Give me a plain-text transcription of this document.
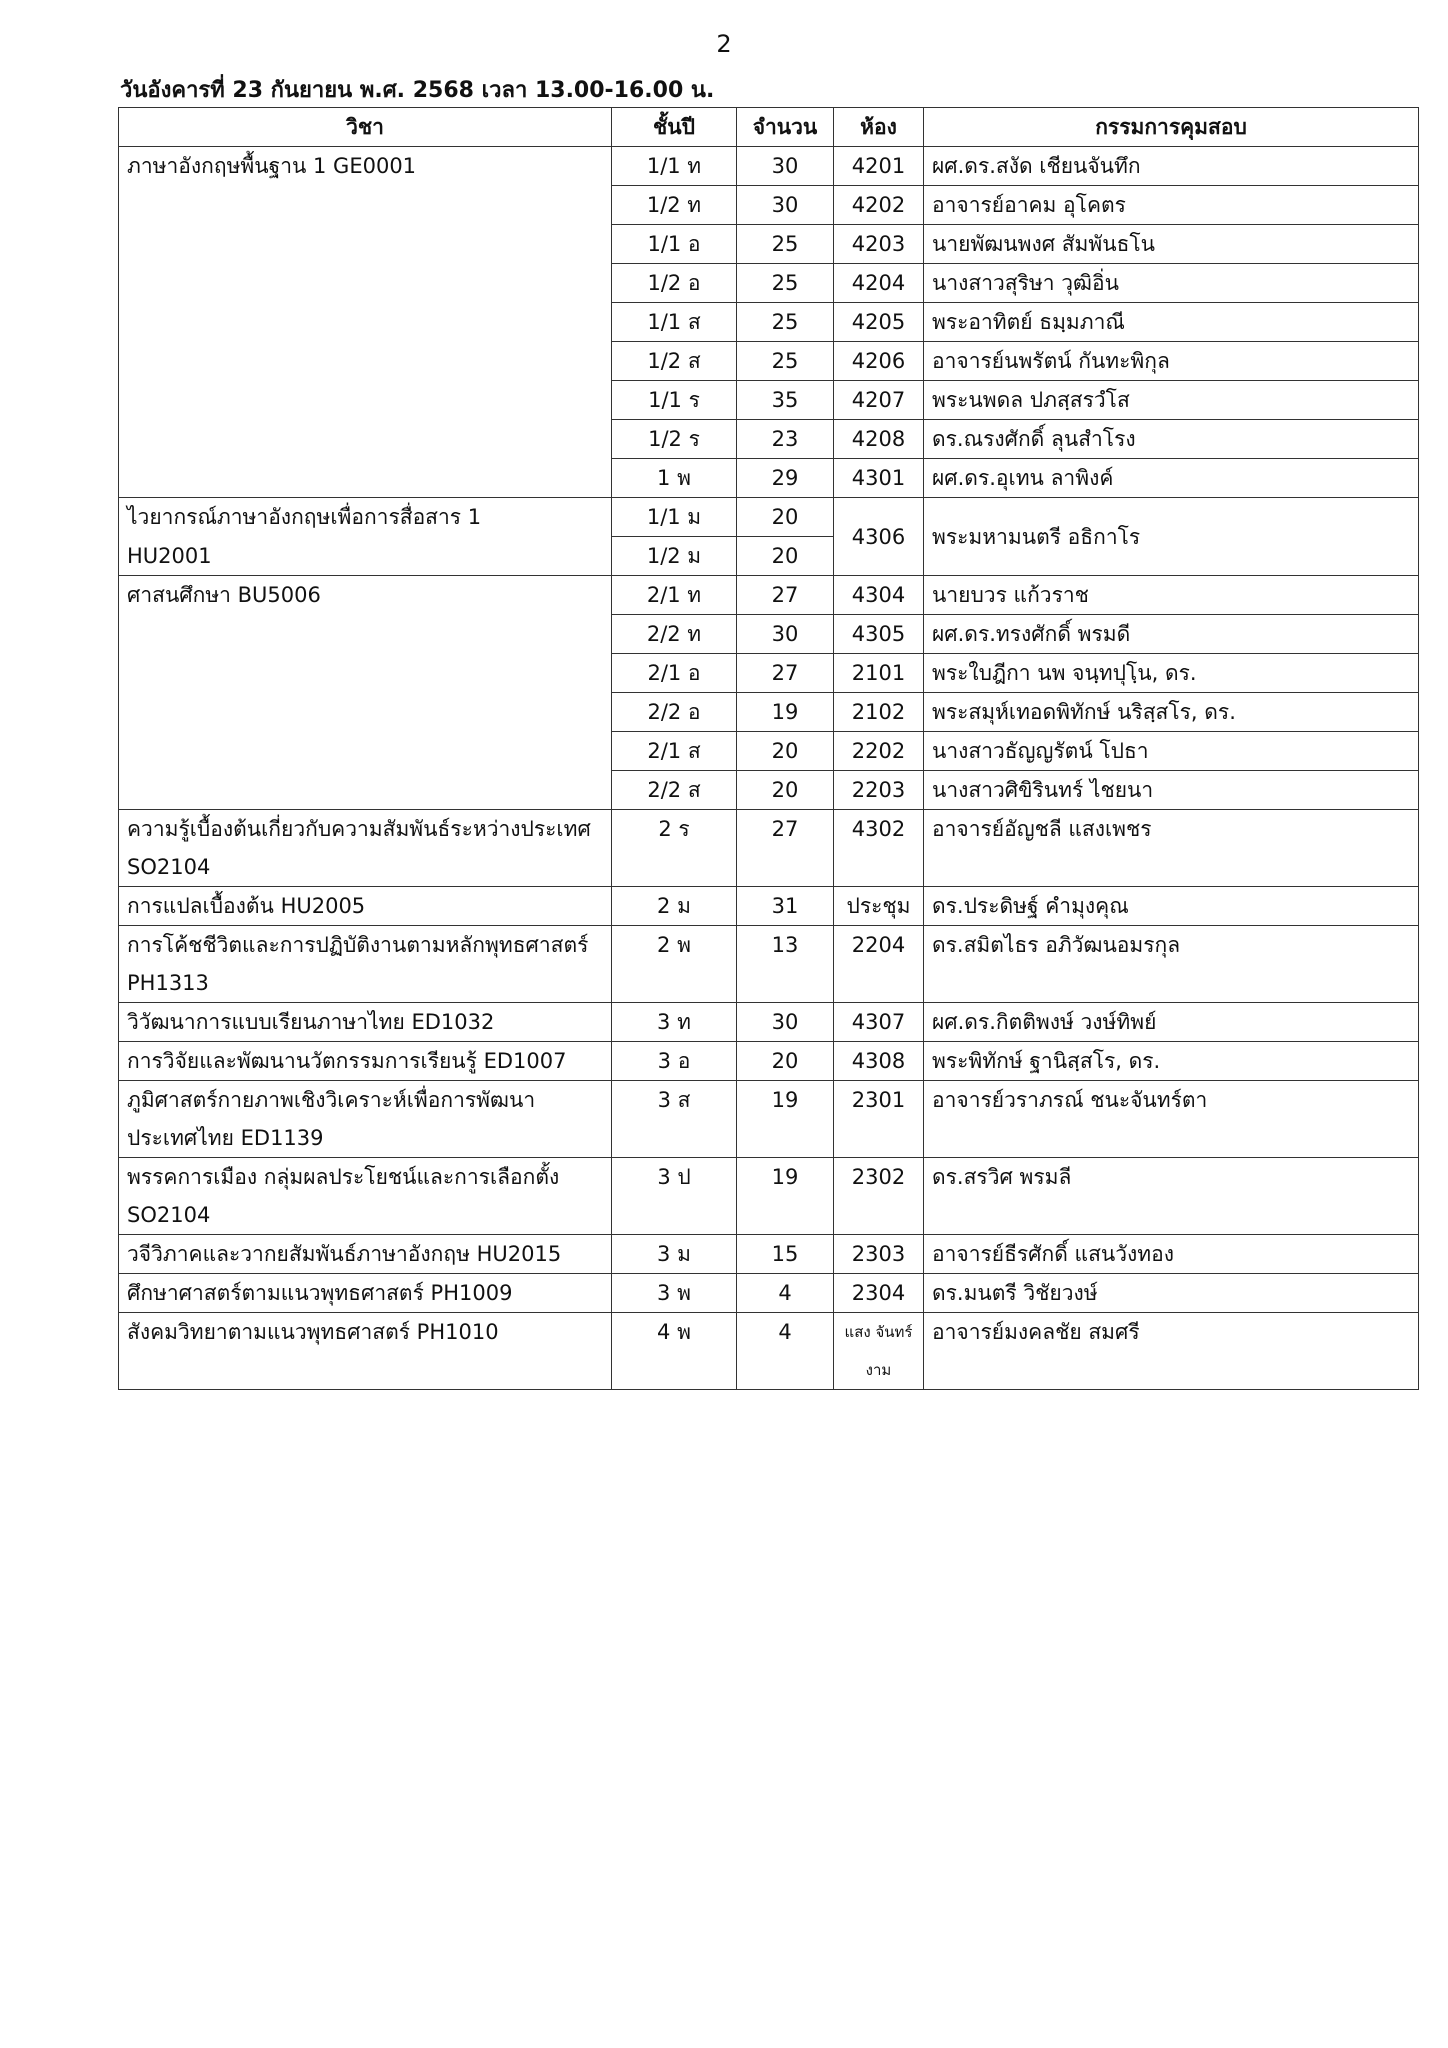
2
วันอังคารที่ 23 กันยายน พ.ศ. 2568 เวลา 13.00-16.00 น.
วิชา	ชั้นปี	จำนวน	ห้อง	กรรมการคุมสอบ
ภาษาอังกฤษพื้นฐาน 1 GE0001	1/1 ท	30	4201	ผศ.ดร.สงัด เชียนจันทึก
	1/2 ท	30	4202	อาจารย์อาคม อุโคตร
	1/1 อ	25	4203	นายพัฒนพงศ สัมพันธโน
	1/2 อ	25	4204	นางสาวสุริษา วุฒิอิ่น
	1/1 ส	25	4205	พระอาทิตย์ ธมฺมภาณี
	1/2 ส	25	4206	อาจารย์นพรัตน์ กันทะพิกุล
	1/1 ร	35	4207	พระนพดล ปภสฺสรวํโส
	1/2 ร	23	4208	ดร.ณรงศักดิ์ ลุนสำโรง
	1 พ	29	4301	ผศ.ดร.อุเทน ลาพิงค์
ไวยากรณ์ภาษาอังกฤษเพื่อการสื่อสาร 1	1/1 ม	20	4306	พระมหามนตรี อธิกาโร
HU2001	1/2 ม	20		
ศาสนศึกษา BU5006	2/1 ท	27	4304	นายบวร แก้วราช
	2/2 ท	30	4305	ผศ.ดร.ทรงศักดิ์ พรมดี
	2/1 อ	27	2101	พระใบฎีกา นพ จนฺทปุโฺน, ดร.
	2/2 อ	19	2102	พระสมุห์เทอดพิทักษ์ นริสฺสโร, ดร.
	2/1 ส	20	2202	นางสาวธัญญรัตน์ โปธา
	2/2 ส	20	2203	นางสาวศิขิรินทร์ ไชยนา
ความรู้เบื้องต้นเกี่ยวกับความสัมพันธ์ระหว่างประเทศ SO2104	2 ร	27	4302	อาจารย์อัญชลี แสงเพชร
การแปลเบื้องต้น HU2005	2 ม	31	ประชุม	ดร.ประดิษฐ์ คำมุงคุณ
การโค้ชชีวิตและการปฏิบัติงานตามหลักพุทธศาสตร์ PH1313	2 พ	13	2204	ดร.สมิตไธร อภิวัฒนอมรกุล
วิวัฒนาการแบบเรียนภาษาไทย ED1032	3 ท	30	4307	ผศ.ดร.กิตติพงษ์ วงษ์ทิพย์
การวิจัยและพัฒนานวัตกรรมการเรียนรู้ ED1007	3 อ	20	4308	พระพิทักษ์ ฐานิสฺสโร, ดร.
ภูมิศาสตร์กายภาพเชิงวิเคราะห์เพื่อการพัฒนาประเทศไทย ED1139	3 ส	19	2301	อาจารย์วราภรณ์ ชนะจันทร์ตา
พรรคการเมือง กลุ่มผลประโยชน์และการเลือกตั้ง SO2104	3 ป	19	2302	ดร.สรวิศ พรมลี
วจีวิภาคและวากยสัมพันธ์ภาษาอังกฤษ HU2015	3 ม	15	2303	อาจารย์ธีรศักดิ์ แสนวังทอง
ศึกษาศาสตร์ตามแนวพุทธศาสตร์ PH1009	3 พ	4	2304	ดร.มนตรี วิชัยวงษ์
สังคมวิทยาตามแนวพุทธศาสตร์ PH1010	4 พ	4	แสง จันทร์งาม	อาจารย์มงคลชัย สมศรี
